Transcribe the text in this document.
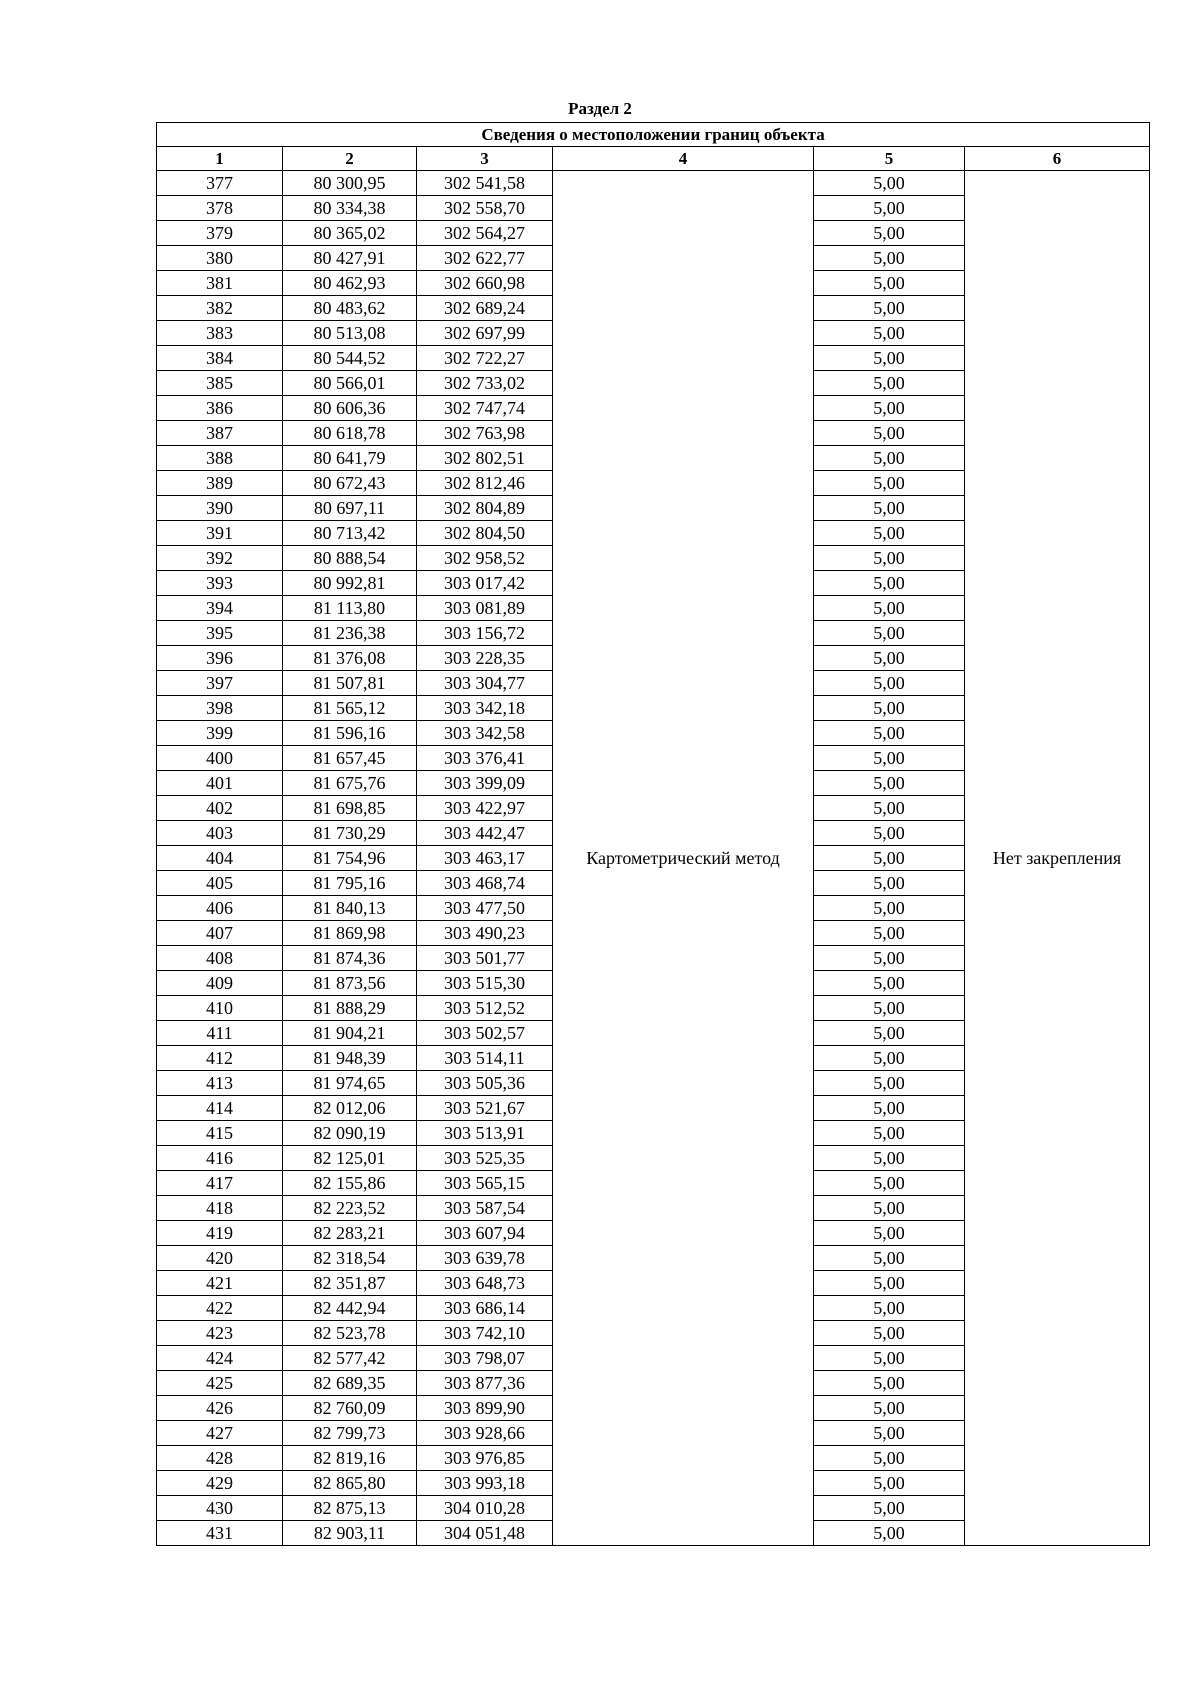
Раздел 2
Сведения о местоположении границ объекта					
1	2	3	4	5	6
377	80 300,95	302 541,58	Картометрический метод	5,00	Нет закрепления
378	80 334,38	302 558,70		5,00	
379	80 365,02	302 564,27		5,00	
380	80 427,91	302 622,77		5,00	
381	80 462,93	302 660,98		5,00	
382	80 483,62	302 689,24		5,00	
383	80 513,08	302 697,99		5,00	
384	80 544,52	302 722,27		5,00	
385	80 566,01	302 733,02		5,00	
386	80 606,36	302 747,74		5,00	
387	80 618,78	302 763,98		5,00	
388	80 641,79	302 802,51		5,00	
389	80 672,43	302 812,46		5,00	
390	80 697,11	302 804,89		5,00	
391	80 713,42	302 804,50		5,00	
392	80 888,54	302 958,52		5,00	
393	80 992,81	303 017,42		5,00	
394	81 113,80	303 081,89		5,00	
395	81 236,38	303 156,72		5,00	
396	81 376,08	303 228,35		5,00	
397	81 507,81	303 304,77		5,00	
398	81 565,12	303 342,18		5,00	
399	81 596,16	303 342,58		5,00	
400	81 657,45	303 376,41		5,00	
401	81 675,76	303 399,09		5,00	
402	81 698,85	303 422,97		5,00	
403	81 730,29	303 442,47		5,00	
404	81 754,96	303 463,17		5,00	
405	81 795,16	303 468,74		5,00	
406	81 840,13	303 477,50		5,00	
407	81 869,98	303 490,23		5,00	
408	81 874,36	303 501,77		5,00	
409	81 873,56	303 515,30		5,00	
410	81 888,29	303 512,52		5,00	
411	81 904,21	303 502,57		5,00	
412	81 948,39	303 514,11		5,00	
413	81 974,65	303 505,36		5,00	
414	82 012,06	303 521,67		5,00	
415	82 090,19	303 513,91		5,00	
416	82 125,01	303 525,35		5,00	
417	82 155,86	303 565,15		5,00	
418	82 223,52	303 587,54		5,00	
419	82 283,21	303 607,94		5,00	
420	82 318,54	303 639,78		5,00	
421	82 351,87	303 648,73		5,00	
422	82 442,94	303 686,14		5,00	
423	82 523,78	303 742,10		5,00	
424	82 577,42	303 798,07		5,00	
425	82 689,35	303 877,36		5,00	
426	82 760,09	303 899,90		5,00	
427	82 799,73	303 928,66		5,00	
428	82 819,16	303 976,85		5,00	
429	82 865,80	303 993,18		5,00	
430	82 875,13	304 010,28		5,00	
431	82 903,11	304 051,48		5,00	
